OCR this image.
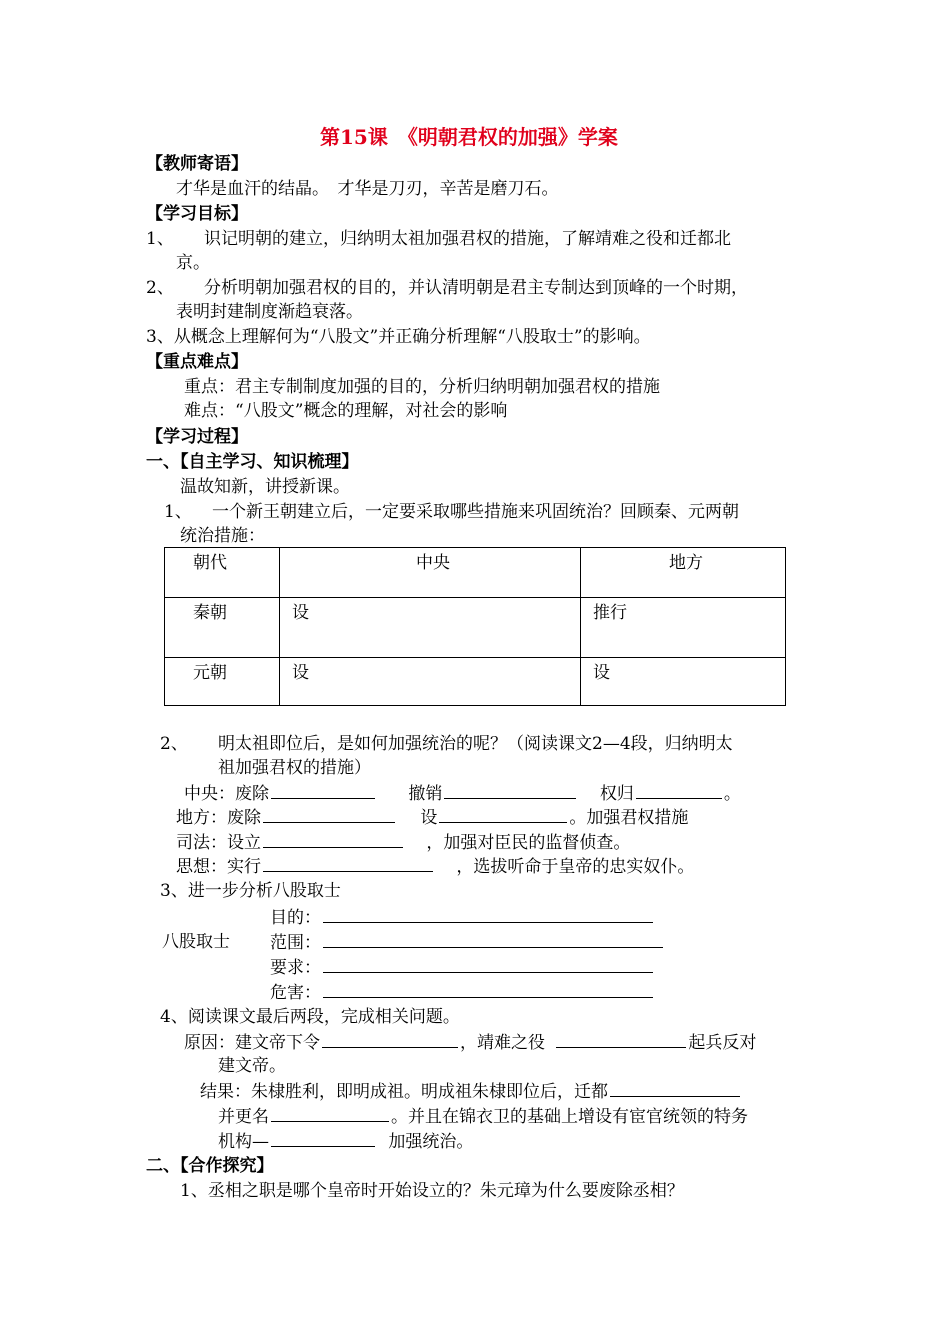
第15课　《明朝君权的加强》学案
【教师寄语】
才华是血汗的结晶。　才华是刀刃，辛苦是磨刀石。
【学习目标】
1、 识记明朝的建立，归纳明太祖加强君权的措施，了解靖难之役和迁都北
京。
2、 分析明朝加强君权的目的，并认清明朝是君主专制达到顶峰的一个时期，
表明封建制度渐趋衰落。
3、从概念上理解何为“八股文”并正确分析理解“八股取士”的影响。
【重点难点】
重点：君主专制制度加强的目的，分析归纳明朝加强君权的措施
难点：“八股文”概念的理解，对社会的影响
【学习过程】
一、【自主学习、知识梳理】
温故知新，讲授新课。
1、 一个新王朝建立后，一定要采取哪些措施来巩固统治？回顾秦、元两朝
统治措施：
朝代	中央	地方
秦朝	设	推行
元朝	设	设
2、 明太祖即位后，是如何加强统治的呢？（阅读课文2—4段，归纳明太
祖加强君权的措施）
中央：废除	撤销	权归	。
地方：废除	设	。加强君权措施
司法：设立	，加强对臣民的监督侦查。
思想：实行	，选拔听命于皇帝的忠实奴仆。
3、进一步分析八股取士
八股取士
目的：
范围：
要求：
危害：
4、阅读课文最后两段，完成相关问题。
原因：建文帝下令	，靖难之役	起兵反对
建文帝。
结果：朱棣胜利，即明成祖。明成祖朱棣即位后，迁都
并更名	。并且在锦衣卫的基础上增设有宦官统领的特务
机构—	加强统治。
二、【合作探究】
1、丞相之职是哪个皇帝时开始设立的？朱元璋为什么要废除丞相？
